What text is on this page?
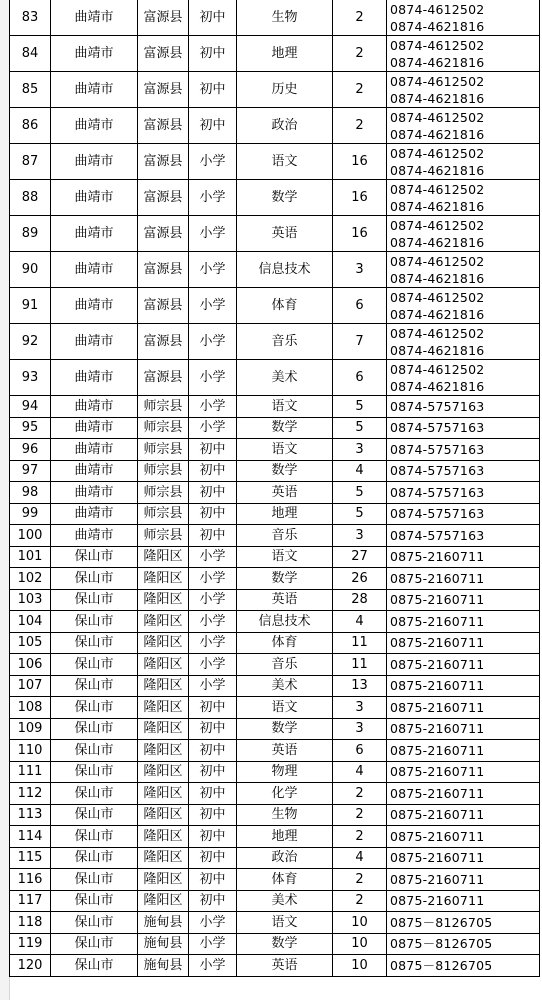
83	曲靖市	富源县	初中	生物	2	0874-4612502
0874-4621816

84	曲靖市	富源县	初中	地理	2	0874-4612502
0874-4621816

85	曲靖市	富源县	初中	历史	2	0874-4612502
0874-4621816

86	曲靖市	富源县	初中	政治	2	0874-4612502
0874-4621816

87	曲靖市	富源县	小学	语文	16	0874-4612502
0874-4621816

88	曲靖市	富源县	小学	数学	16	0874-4612502
0874-4621816

89	曲靖市	富源县	小学	英语	16	0874-4612502
0874-4621816

90	曲靖市	富源县	小学	信息技术	3	0874-4612502
0874-4621816

91	曲靖市	富源县	小学	体育	6	0874-4612502
0874-4621816

92	曲靖市	富源县	小学	音乐	7	0874-4612502
0874-4621816

93	曲靖市	富源县	小学	美术	6	0874-4612502
0874-4621816

94	曲靖市	师宗县	小学	语文	5	0874-5757163

95	曲靖市	师宗县	小学	数学	5	0874-5757163

96	曲靖市	师宗县	初中	语文	3	0874-5757163

97	曲靖市	师宗县	初中	数学	4	0874-5757163

98	曲靖市	师宗县	初中	英语	5	0874-5757163

99	曲靖市	师宗县	初中	地理	5	0874-5757163

100	曲靖市	师宗县	初中	音乐	3	0874-5757163

101	保山市	隆阳区	小学	语文	27	0875-2160711

102	保山市	隆阳区	小学	数学	26	0875-2160711

103	保山市	隆阳区	小学	英语	28	0875-2160711

104	保山市	隆阳区	小学	信息技术	4	0875-2160711

105	保山市	隆阳区	小学	体育	11	0875-2160711

106	保山市	隆阳区	小学	音乐	11	0875-2160711

107	保山市	隆阳区	小学	美术	13	0875-2160711

108	保山市	隆阳区	初中	语文	3	0875-2160711

109	保山市	隆阳区	初中	数学	3	0875-2160711

110	保山市	隆阳区	初中	英语	6	0875-2160711

111	保山市	隆阳区	初中	物理	4	0875-2160711

112	保山市	隆阳区	初中	化学	2	0875-2160711

113	保山市	隆阳区	初中	生物	2	0875-2160711

114	保山市	隆阳区	初中	地理	2	0875-2160711

115	保山市	隆阳区	初中	政治	4	0875-2160711

116	保山市	隆阳区	初中	体育	2	0875-2160711

117	保山市	隆阳区	初中	美术	2	0875-2160711

118	保山市	施甸县	小学	语文	10	0875－8126705

119	保山市	施甸县	小学	数学	10	0875－8126705

120	保山市	施甸县	小学	英语	10	0875－8126705
